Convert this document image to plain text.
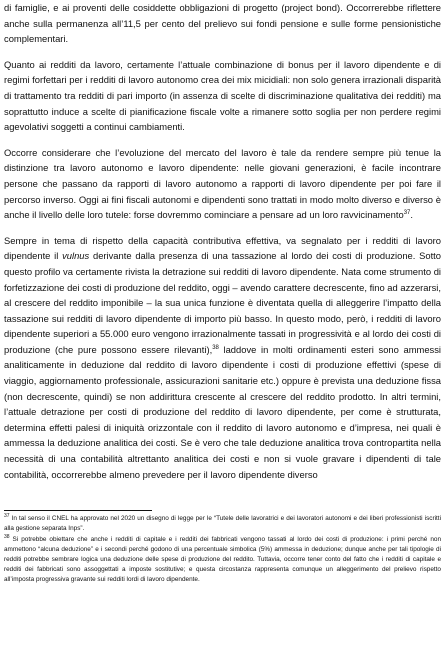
di famiglie, e ai proventi delle cosiddette obbligazioni di progetto (project bond). Occorrerebbe riflettere anche sulla permanenza all’11,5 per cento del prelievo sui fondi pensione e sulle forme pensionistiche complementari.

Quanto ai redditi da lavoro, certamente l’attuale combinazione di bonus per il lavoro dipendente e di regimi forfettari per i redditi di lavoro autonomo crea dei mix micidiali: non solo genera irrazionali disparità di trattamento tra redditi di pari importo (in assenza di scelte di discriminazione qualitativa dei redditi) ma soprattutto induce a scelte di pianificazione fiscale volte a rimanere sotto soglia per non perdere regimi agevolativi soggetti a continui cambiamenti.

Occorre considerare che l’evoluzione del mercato del lavoro è tale da rendere sempre più tenue la distinzione tra lavoro autonomo e lavoro dipendente: nelle giovani generazioni, è facile incontrare persone che passano da rapporti di lavoro autonomo a rapporti di lavoro dipendente per poi fare il percorso inverso. Oggi ai fini fiscali autonomi e dipendenti sono trattati in modo molto diverso e diverso è anche il livello delle loro tutele: forse dovremmo cominciare a pensare ad un loro ravvicinamento$^{37}$.

Sempre in tema di rispetto della capacità contributiva effettiva, va segnalato per i redditi di lavoro dipendente il vulnus derivante dalla presenza di una tassazione al lordo dei costi di produzione. Sotto questo profilo va certamente rivista la detrazione sui redditi di lavoro dipendente. Nata come strumento di forfetizzazione dei costi di produzione del reddito, oggi – avendo carattere decrescente, fino ad azzerarsi, al crescere del reddito imponibile – la sua unica funzione è diventata quella di alleggerire l’impatto della tassazione sui redditi di lavoro dipendente di importo più basso. In questo modo, però, i redditi di lavoro dipendente superiori a 55.000 euro vengono irrazionalmente tassati in progressività e al lordo dei costi di produzione (che pure possono essere rilevanti),$^{38}$ laddove in molti ordinamenti esteri sono ammessi analiticamente in deduzione dal reddito di lavoro dipendente i costi di produzione effettivi (spese di viaggio, aggiornamento professionale, assicurazioni sanitarie etc.) oppure è prevista una deduzione fissa (non decrescente, quindi) se non addirittura crescente al crescere del reddito prodotto. In altri termini, l’attuale detrazione per costi di produzione del reddito di lavoro dipendente, per come è strutturata, determina effetti palesi di iniquità orizzontale con il reddito di lavoro autonomo e d’impresa, nei quali è ammessa la deduzione analitica dei costi. Se è vero che tale deduzione analitica trova contropartita nella necessità di una contabilità altrettanto analitica dei costi e non si vuole gravare i dipendenti di tale contabilità, occorrerebbe almeno prevedere per il lavoro dipendente diverso

$^{37}$ In tal senso il CNEL ha approvato nel 2020 un disegno di legge per le “Tutele delle lavoratrici e dei lavoratori autonomi e dei liberi professionisti iscritti alla gestione separata Inps”.

$^{38}$ Si potrebbe obiettare che anche i redditi di capitale e i redditi dei fabbricati vengono tassati al lordo dei costi di produzione: i primi perché non ammettono “alcuna deduzione” e i secondi perché godono di una percentuale simbolica (5%) ammessa in deduzione; dunque anche per tali tipologie di redditi potrebbe sembrare logica una deduzione delle spese di produzione del reddito. Tuttavia, occorre tener conto del fatto che i redditi di capitale e redditi dei fabbricati sono assoggettati a imposte sostitutive; e questa circostanza rappresenta comunque un alleggerimento del prelievo rispetto all’imposta progressiva gravante sui redditi lordi di lavoro dipendente.
